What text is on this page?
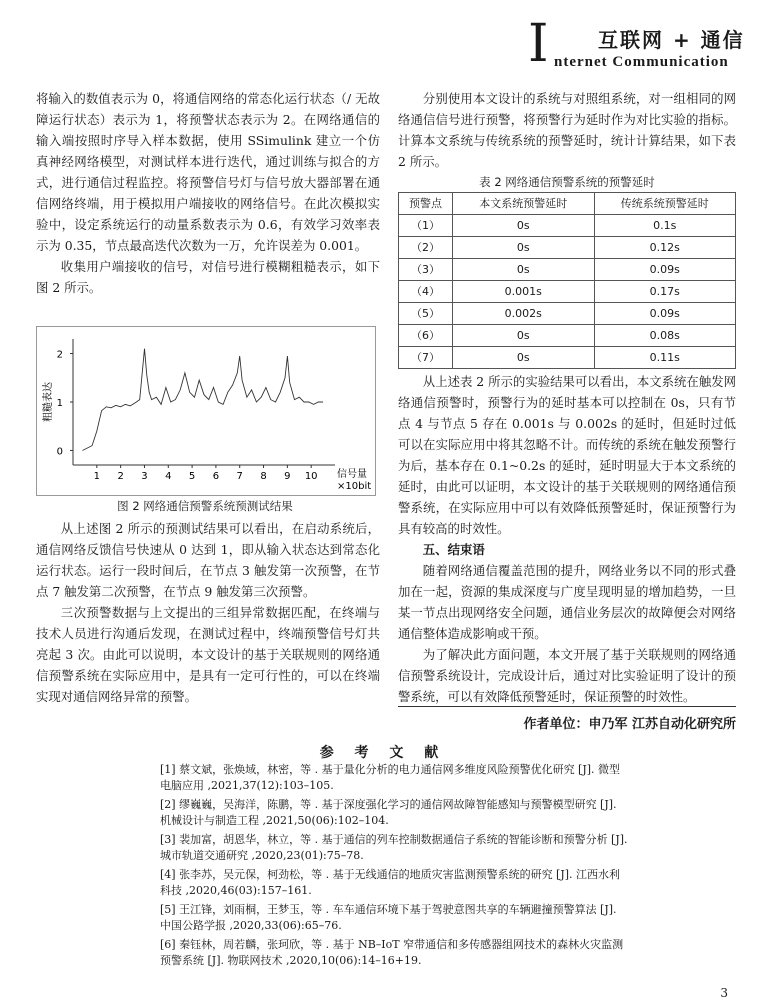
I 互联网 + 通信
nternet Communication

将输入的数值表示为 0，将通信网络的常态化运行状态（/ 无故障运行状态）表示为 1，将预警状态表示为 2。在网络通信的输入端按照时序导入样本数据，使用 SSimulink 建立一个仿真神经网络模型，对测试样本进行迭代，通过训练与拟合的方式，进行通信过程监控。将预警信号灯与信号放大器部署在通信网络终端，用于模拟用户端接收的网络信号。在此次模拟实验中，设定系统运行的动量系数表示为 0.6，有效学习效率表示为 0.35，节点最高迭代次数为一万，允许误差为 0.001。

收集用户端接收的信号，对信号进行模糊粗糙表示，如下图 2 所示。

0
1
2
1 2 3 4 5 6 7 8 9 10
粗糙表达
信号量
×10bit
图 2 网络通信预警系统预测试结果

从上述图 2 所示的预测试结果可以看出，在启动系统后，通信网络反馈信号快速从 0 达到 1，即从输入状态达到常态化运行状态。运行一段时间后，在节点 3 触发第一次预警，在节点 7 触发第二次预警，在节点 9 触发第三次预警。

三次预警数据与上文提出的三组异常数据匹配，在终端与技术人员进行沟通后发现，在测试过程中，终端预警信号灯共亮起 3 次。由此可以说明，本文设计的基于关联规则的网络通信预警系统在实际应用中，是具有一定可行性的，可以在终端实现对通信网络异常的预警。

分别使用本文设计的系统与对照组系统，对一组相同的网络通信信号进行预警，将预警行为延时作为对比实验的指标。计算本文系统与传统系统的预警延时，统计计算结果，如下表 2 所示。

表 2 网络通信预警系统的预警延时
预警点	本文系统预警延时	传统系统预警延时
（1）	0s	0.1s
（2）	0s	0.12s
（3）	0s	0.09s
（4）	0.001s	0.17s
（5）	0.002s	0.09s
（6）	0s	0.08s
（7）	0s	0.11s

从上述表 2 所示的实验结果可以看出，本文系统在触发网络通信预警时，预警行为的延时基本可以控制在 0s，只有节点 4 与节点 5 存在 0.001s 与 0.002s 的延时，但延时过低可以在实际应用中将其忽略不计。而传统的系统在触发预警行为后，基本存在 0.1~0.2s 的延时，延时明显大于本文系统的延时，由此可以证明，本文设计的基于关联规则的网络通信预警系统，在实际应用中可以有效降低预警延时，保证预警行为具有较高的时效性。

五、结束语

随着网络通信覆盖范围的提升，网络业务以不同的形式叠加在一起，资源的集成深度与广度呈现明显的增加趋势，一旦某一节点出现网络安全问题，通信业务层次的故障便会对网络通信整体造成影响或干预。

为了解决此方面问题，本文开展了基于关联规则的网络通信预警系统设计，完成设计后，通过对比实验证明了设计的预警系统，可以有效降低预警延时，保证预警的时效性。

作者单位：申乃军 江苏自动化研究所
参 考 文 献

[1] 蔡文斌，张焕域，林密，等 . 基于量化分析的电力通信网多维度风险预警优化研究 [J]. 微型电脑应用 ,2021,37(12):103–105.

[2] 缪巍巍，吴海洋，陈鹏，等 . 基于深度强化学习的通信网故障智能感知与预警模型研究 [J]. 机械设计与制造工程 ,2021,50(06):102–104.

[3] 裴加富，胡恩华，林立，等 . 基于通信的列车控制数据通信子系统的智能诊断和预警分析 [J]. 城市轨道交通研究 ,2020,23(01):75–78.

[4] 张李苏，吴元保，柯劲松，等 . 基于无线通信的地质灾害监测预警系统的研究 [J]. 江西水利科技 ,2020,46(03):157–161.

[5] 王江锋，刘雨桐，王梦玉，等 . 车车通信环境下基于驾驶意图共享的车辆避撞预警算法 [J]. 中国公路学报 ,2020,33(06):65–76.

[6] 秦钰林，周若麟，张珂欣，等 . 基于 NB–IoT 窄带通信和多传感器组网技术的森林火灾监测预警系统 [J]. 物联网技术 ,2020,10(06):14–16+19.

3
